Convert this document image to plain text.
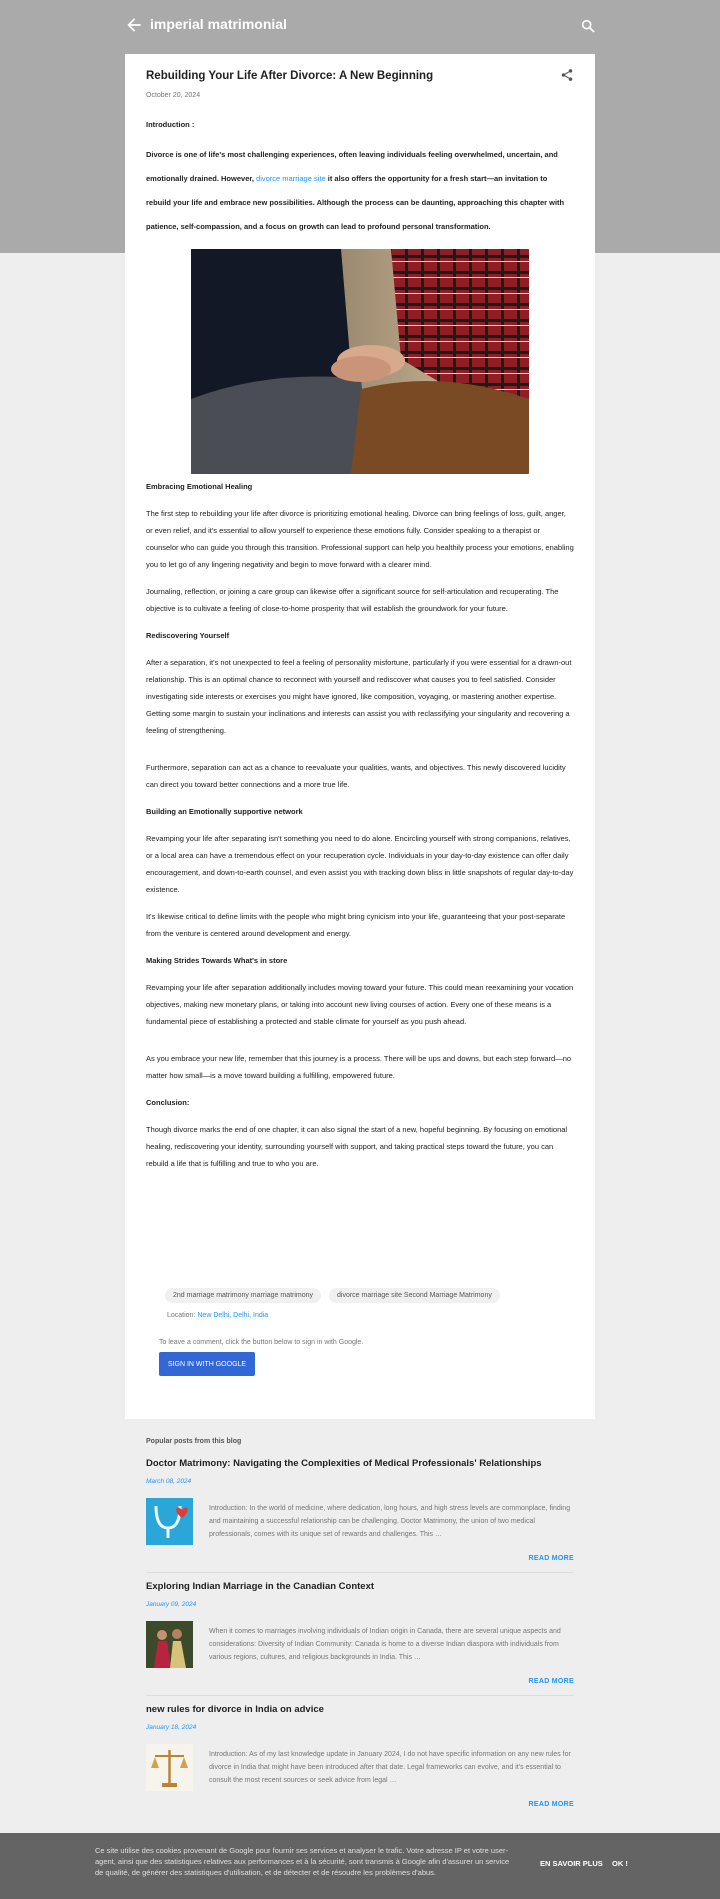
imperial matrimonial
Rebuilding Your Life After Divorce: A New Beginning
October 20, 2024

Introduction :

Divorce is one of life's most challenging experiences, often leaving individuals feeling overwhelmed, uncertain, and emotionally drained. However, divorce marriage site it also offers the opportunity for a fresh start—an invitation to rebuild your life and embrace new possibilities. Although the process can be daunting, approaching this chapter with patience, self-compassion, and a focus on growth can lead to profound personal transformation.

Embracing Emotional Healing

The first step to rebuilding your life after divorce is prioritizing emotional healing. Divorce can bring feelings of loss, guilt, anger, or even relief, and it's essential to allow yourself to experience these emotions fully. Consider speaking to a therapist or counselor who can guide you through this transition. Professional support can help you healthily process your emotions, enabling you to let go of any lingering negativity and begin to move forward with a clearer mind.

Journaling, reflection, or joining a care group can likewise offer a significant source for self-articulation and recuperating. The objective is to cultivate a feeling of close-to-home prosperity that will establish the groundwork for your future.

Rediscovering Yourself

After a separation, it's not unexpected to feel a feeling of personality misfortune, particularly if you were essential for a drawn-out relationship. This is an optimal chance to reconnect with yourself and rediscover what causes you to feel satisfied. Consider investigating side interests or exercises you might have ignored, like composition, voyaging, or mastering another expertise. Getting some margin to sustain your inclinations and interests can assist you with reclassifying your singularity and recovering a feeling of strengthening.

Furthermore, separation can act as a chance to reevaluate your qualities, wants, and objectives. This newly discovered lucidity can direct you toward better connections and a more true life.

Building an Emotionally supportive network

Revamping your life after separating isn't something you need to do alone. Encircling yourself with strong companions, relatives, or a local area can have a tremendous effect on your recuperation cycle. Individuals in your day-to-day existence can offer daily encouragement, and down-to-earth counsel, and even assist you with tracking down bliss in little snapshots of regular day-to-day existence.

It's likewise critical to define limits with the people who might bring cynicism into your life, guaranteeing that your post-separate from the venture is centered around development and energy.

Making Strides Towards What's in store

Revamping your life after separation additionally includes moving toward your future. This could mean reexamining your vocation objectives, making new monetary plans, or taking into account new living courses of action. Every one of these means is a fundamental piece of establishing a protected and stable climate for yourself as you push ahead.

As you embrace your new life, remember that this journey is a process. There will be ups and downs, but each step forward—no matter how small—is a move toward building a fulfilling, empowered future.

Conclusion:

Though divorce marks the end of one chapter, it can also signal the start of a new, hopeful beginning. By focusing on emotional healing, rediscovering your identity, surrounding yourself with support, and taking practical steps toward the future, you can rebuild a life that is fulfilling and true to who you are.

2nd marriage matrimony marriage matrimony	divorce marriage site Second Marriage Matrimony
Location: New Delhi, Delhi, India
To leave a comment, click the button below to sign in with Google.
SIGN IN WITH GOOGLE
Popular posts from this blog
Doctor Matrimony: Navigating the Complexities of Medical Professionals' Relationships
March 08, 2024
Introduction: In the world of medicine, where dedication, long hours, and high stress levels are commonplace, finding and maintaining a successful relationship can be challenging. Doctor Matrimony, the union of two medical professionals, comes with its unique set of rewards and challenges. This …
READ MORE
Exploring Indian Marriage in the Canadian Context
January 09, 2024
When it comes to marriages involving individuals of Indian origin in Canada, there are several unique aspects and considerations: Diversity of Indian Community: Canada is home to a diverse Indian diaspora with individuals from various regions, cultures, and religious backgrounds in India. This …
READ MORE
new rules for divorce in India on advice
January 18, 2024
Introduction: As of my last knowledge update in January 2024, I do not have specific information on any new rules for divorce in India that might have been introduced after that date. Legal frameworks can evolve, and it's essential to consult the most recent sources or seek advice from legal …
READ MORE
Ce site utilise des cookies provenant de Google pour fournir ses services et analyser le trafic. Votre adresse IP et votre user-agent, ainsi que des statistiques relatives aux performances et à la sécurité, sont transmis à Google afin d'assurer un service de qualité, de générer des statistiques d'utilisation, et de détecter et de résoudre les problèmes d'abus.
EN SAVOIR PLUS OK !
